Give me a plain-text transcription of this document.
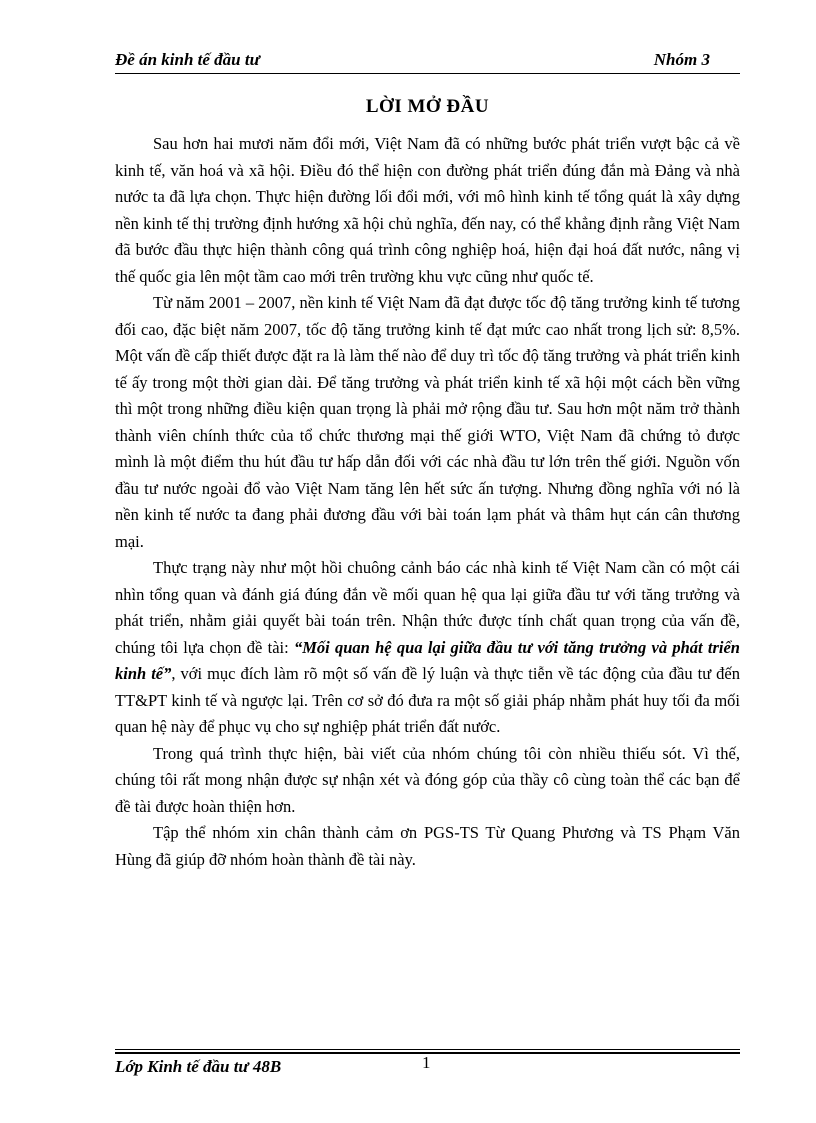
Đề án kinh tế đầu tư	Nhóm 3
LỜI MỞ ĐẦU

Sau hơn hai mươi năm đổi mới, Việt Nam đã có những bước phát triển vượt bậc cả về kinh tế, văn hoá và xã hội. Điều đó thể hiện con đường phát triển đúng đắn mà Đảng và nhà nước ta đã lựa chọn. Thực hiện đường lối đổi mới, với mô hình kinh tế tổng quát là xây dựng nền kinh tế thị trường định hướng xã hội chủ nghĩa, đến nay, có thể khẳng định rằng Việt Nam đã bước đầu thực hiện thành công quá trình công nghiệp hoá, hiện đại hoá đất nước, nâng vị thế quốc gia lên một tầm cao mới trên trường khu vực cũng như quốc tế.

Từ năm 2001 – 2007, nền kinh tế Việt Nam đã đạt được tốc độ tăng trưởng kinh tế tương đối cao, đặc biệt năm 2007, tốc độ tăng trưởng kinh tế đạt mức cao nhất trong lịch sử: 8,5%. Một vấn đề cấp thiết được đặt ra là làm thế nào để duy trì tốc độ tăng trưởng và phát triển kinh tế ấy trong một thời gian dài. Để tăng trưởng và phát triển kinh tế xã hội một cách bền vững thì một trong những điều kiện quan trọng là phải mở rộng đầu tư. Sau hơn một năm trở thành thành viên chính thức của tổ chức thương mại thế giới WTO, Việt Nam đã chứng tỏ được mình là một điểm thu hút đầu tư hấp dẫn đối với các nhà đầu tư lớn trên thế giới. Nguồn vốn đầu tư nước ngoài đổ vào Việt Nam tăng lên hết sức ấn tượng. Nhưng đồng nghĩa với nó là nền kinh tế nước ta đang phải đương đầu với bài toán lạm phát và thâm hụt cán cân thương mại.

Thực trạng này như một hồi chuông cảnh báo các nhà kinh tế Việt Nam cần có một cái nhìn tổng quan và đánh giá đúng đắn về mối quan hệ qua lại giữa đầu tư với tăng trưởng và phát triển, nhằm giải quyết bài toán trên. Nhận thức được tính chất quan trọng của vấn đề, chúng tôi lựa chọn đề tài: “Mối quan hệ qua lại giữa đầu tư với tăng trưởng và phát triển kinh tế”, với mục đích làm rõ một số vấn đề lý luận và thực tiễn về tác động của đầu tư đến TT&PT kinh tế và ngược lại. Trên cơ sở đó đưa ra một số giải pháp nhằm phát huy tối đa mối quan hệ này để phục vụ cho sự nghiệp phát triển đất nước.

Trong quá trình thực hiện, bài viết của nhóm chúng tôi còn nhiều thiếu sót. Vì thế, chúng tôi rất mong nhận được sự nhận xét và đóng góp của thầy cô cùng toàn thể các bạn để đề tài được hoàn thiện hơn.

Tập thể nhóm xin chân thành cảm ơn PGS-TS Từ Quang Phương và TS Phạm Văn Hùng đã giúp đỡ nhóm hoàn thành đề tài này.

Lớp Kinh tế đầu tư 48B	1
